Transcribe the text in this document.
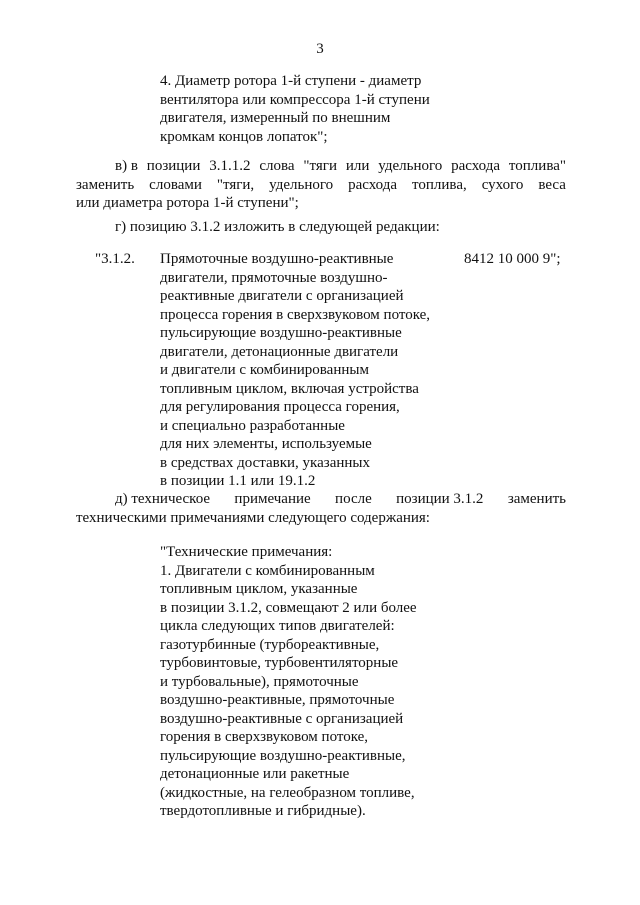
3
4. Диаметр ротора 1-й ступени - диаметр
вентилятора или компрессора 1-й ступени
двигателя, измеренный по внешним
кромкам концов лопаток";
в) в позиции 3.1.1.2 слова "тяги или удельного расхода топлива"
заменить словами "тяги, удельного расхода топлива, сухого веса
или диаметра ротора 1-й ступени";
г) позицию 3.1.2 изложить в следующей редакции:
"3.1.2.	8412 10 000 9";
Прямоточные воздушно-реактивные
двигатели, прямоточные воздушно-
реактивные двигатели с организацией
процесса горения в сверхзвуковом потоке,
пульсирующие воздушно-реактивные
двигатели, детонационные двигатели
и двигатели с комбинированным
топливным циклом, включая устройства
для регулирования процесса горения,
и специально разработанные
для них элементы, используемые
в средствах доставки, указанных
в позиции 1.1 или 19.1.2
д) техническое примечание после позиции 3.1.2 заменить
техническими примечаниями следующего содержания:
"Технические примечания:
1. Двигатели с комбинированным
топливным циклом, указанные
в позиции 3.1.2, совмещают 2 или более
цикла следующих типов двигателей:
газотурбинные (турбореактивные,
турбовинтовые, турбовентиляторные
и турбовальные), прямоточные
воздушно-реактивные, прямоточные
воздушно-реактивные с организацией
горения в сверхзвуковом потоке,
пульсирующие воздушно-реактивные,
детонационные или ракетные
(жидкостные, на гелеобразном топливе,
твердотопливные и гибридные).
